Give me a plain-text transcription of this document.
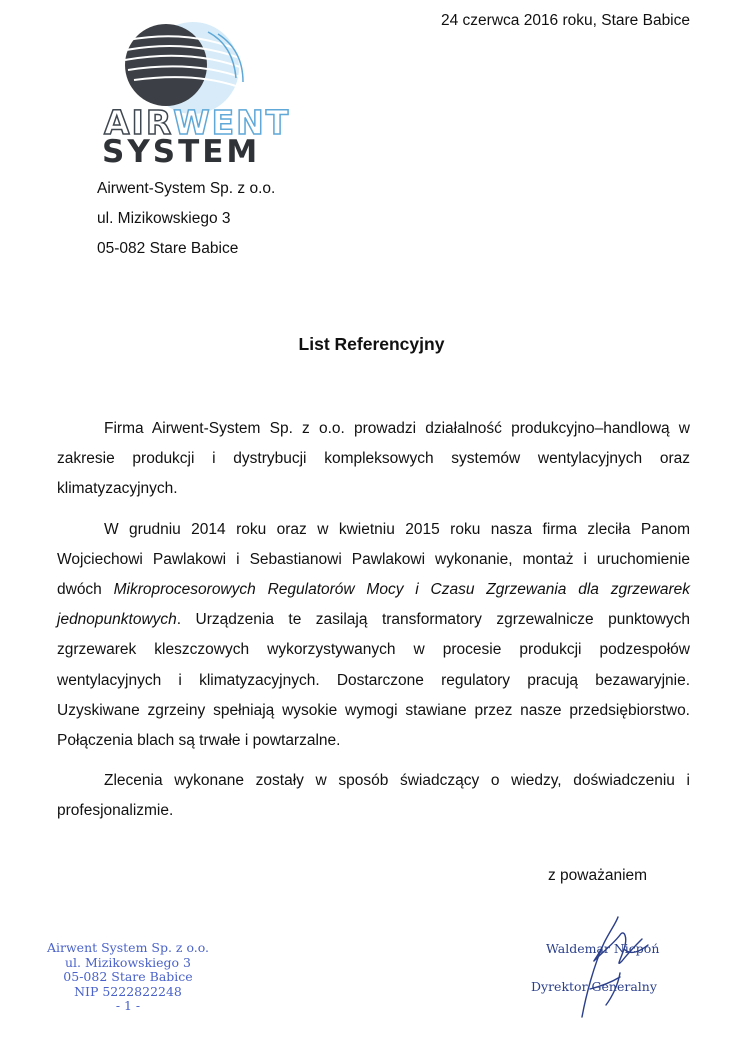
24 czerwca 2016 roku, Stare Babice
AIRWENT
SYSTEM
Airwent-System Sp. z o.o.
ul. Mizikowskiego 3
05-082 Stare Babice
List Referencyjny

Firma Airwent-System Sp. z o.o. prowadzi działalność produkcyjno–handlową w zakresie produkcji i dystrybucji kompleksowych systemów wentylacyjnych oraz klimatyzacyjnych.

W grudniu 2014 roku oraz w kwietniu 2015 roku nasza firma zleciła Panom Wojciechowi Pawlakowi i Sebastianowi Pawlakowi wykonanie, montaż i uruchomienie dwóch Mikroprocesorowych Regulatorów Mocy i Czasu Zgrzewania dla zgrzewarek jednopunktowych. Urządzenia te zasilają transformatory zgrzewalnicze punktowych zgrzewarek kleszczowych wykorzystywanych w procesie produkcji podzespołów wentylacyjnych i klimatyzacyjnych. Dostarczone regulatory pracują bezawaryjnie. Uzyskiwane zgrzeiny spełniają wysokie wymogi stawiane przez nasze przedsiębiorstwo. Połączenia blach są trwałe i powtarzalne.

Zlecenia wykonane zostały w sposób świadczący o wiedzy, doświadczeniu i profesjonalizmie.

z poważaniem
Airwent System Sp. z o.o.
ul. Mizikowskiego 3
05-082 Stare Babice
NIP 5222822248
- 1 -
Waldemar Nicpoń
Dyrektor Generalny
